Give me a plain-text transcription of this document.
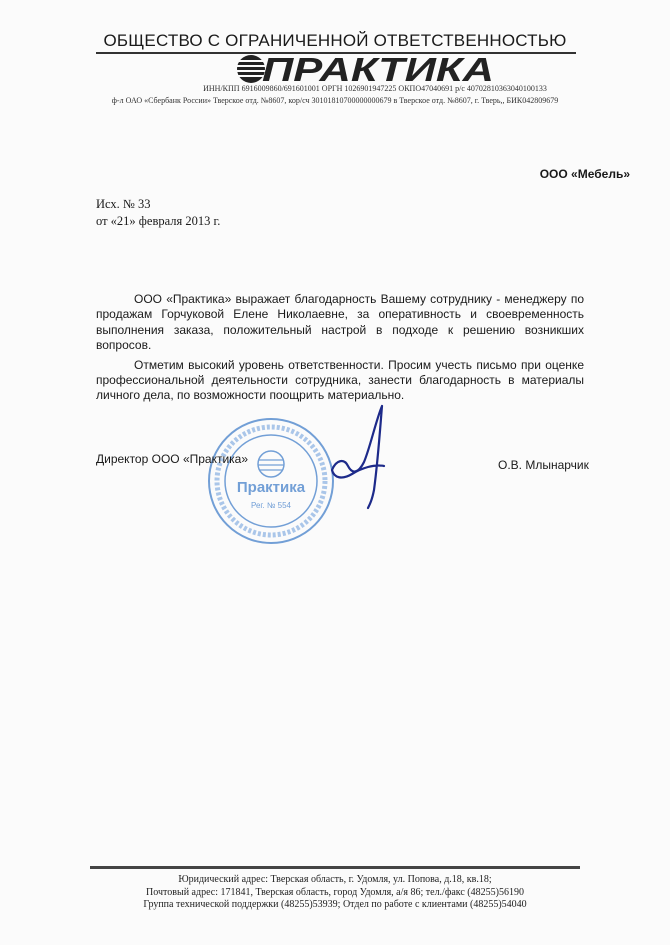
ОБЩЕСТВО С ОГРАНИЧЕННОЙ ОТВЕТСТВЕННОСТЬЮ
ПРАКТИКА
ИНН/КПП 6916009860/691601001 ОРГН 1026901947225 ОКПО47040691 р/с 40702810363040100133
ф-л ОАО «Сбербанк России» Тверское отд. №8607, кор/сч 30101810700000000679 в Тверское отд. №8607, г. Тверь,, БИК042809679
ООО «Мебель»
Исх. № 33
от «21» февраля 2013 г.

ООО «Практика» выражает благодарность Вашему сотруднику - менеджеру по продажам Горчуковой Елене Николаевне, за оперативность и своевременность выполнения заказа, положительный настрой в подходе к решению возникших вопросов.

Отметим высокий уровень ответственности. Просим учесть письмо при оценке профессиональной деятельности сотрудника, занести благодарность в материалы личного дела, по возможности поощрить материально.

Практика
Рег. № 554
Директор ООО «Практика»	О.В. Млынарчик
Юридический адрес: Тверская область, г. Удомля, ул. Попова, д.18, кв.18;
Почтовый адрес: 171841, Тверская область, город Удомля, а/я 86; тел./факс (48255)56190
Группа технической поддержки (48255)53939; Отдел по работе с клиентами (48255)54040
